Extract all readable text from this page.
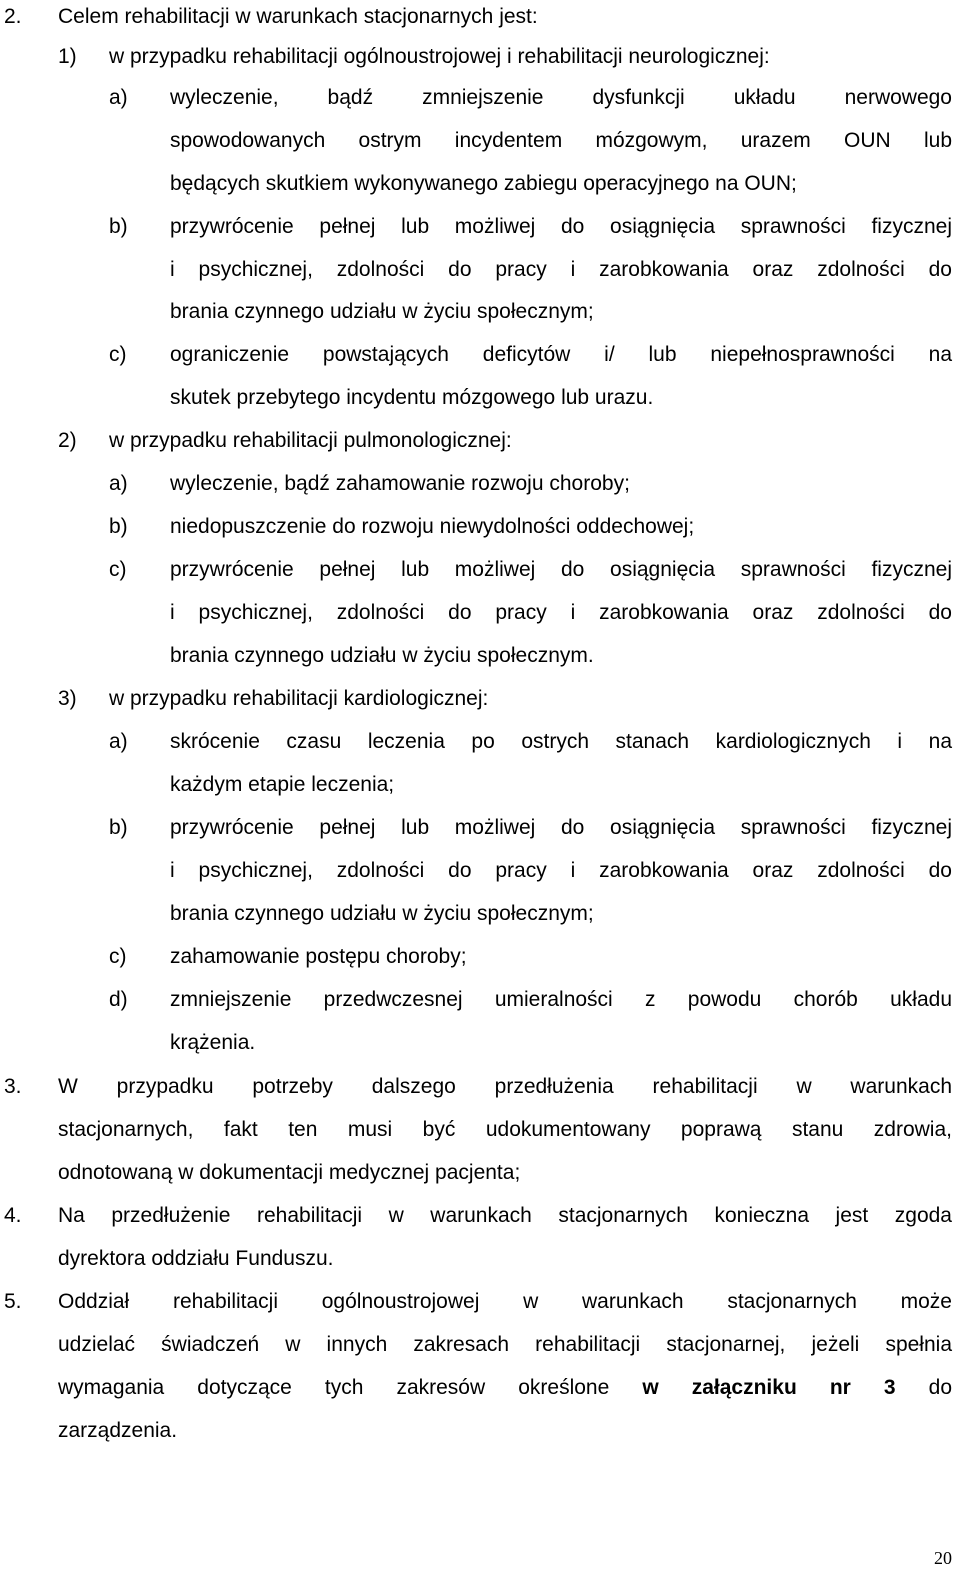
2. Celem rehabilitacji w warunkach stacjonarnych jest:
1) w przypadku rehabilitacji ogólnoustrojowej i rehabilitacji neurologicznej:
a) wyleczenie, bądź zmniejszenie dysfunkcji układu nerwowego
spowodowanych ostrym incydentem mózgowym, urazem OUN lub
będących skutkiem wykonywanego zabiegu operacyjnego na OUN;
b) przywrócenie pełnej lub możliwej do osiągnięcia sprawności fizycznej
i psychicznej, zdolności do pracy i zarobkowania oraz zdolności do
brania czynnego udziału w życiu społecznym;
c) ograniczenie powstających deficytów i/ lub niepełnosprawności na
skutek przebytego incydentu mózgowego lub urazu.
2) w przypadku rehabilitacji pulmonologicznej:
a) wyleczenie, bądź zahamowanie rozwoju choroby;
b) niedopuszczenie do rozwoju niewydolności oddechowej;
c) przywrócenie pełnej lub możliwej do osiągnięcia sprawności fizycznej
i psychicznej, zdolności do pracy i zarobkowania oraz zdolności do
brania czynnego udziału w życiu społecznym.
3) w przypadku rehabilitacji kardiologicznej:
a) skrócenie czasu leczenia po ostrych stanach kardiologicznych i na
każdym etapie leczenia;
b) przywrócenie pełnej lub możliwej do osiągnięcia sprawności fizycznej
i psychicznej, zdolności do pracy i zarobkowania oraz zdolności do
brania czynnego udziału w życiu społecznym;
c) zahamowanie postępu choroby;
d) zmniejszenie przedwczesnej umieralności z powodu chorób układu
krążenia.
3. W przypadku potrzeby dalszego przedłużenia rehabilitacji w warunkach
stacjonarnych, fakt ten musi być udokumentowany poprawą stanu zdrowia,
odnotowaną w dokumentacji medycznej pacjenta;
4. Na przedłużenie rehabilitacji w warunkach stacjonarnych konieczna jest zgoda
dyrektora oddziału Funduszu.
5. Oddział rehabilitacji ogólnoustrojowej w warunkach stacjonarnych może
udzielać świadczeń w innych zakresach rehabilitacji stacjonarnej, jeżeli spełnia
wymagania dotyczące tych zakresów określone w załączniku nr 3 do
zarządzenia.
20
